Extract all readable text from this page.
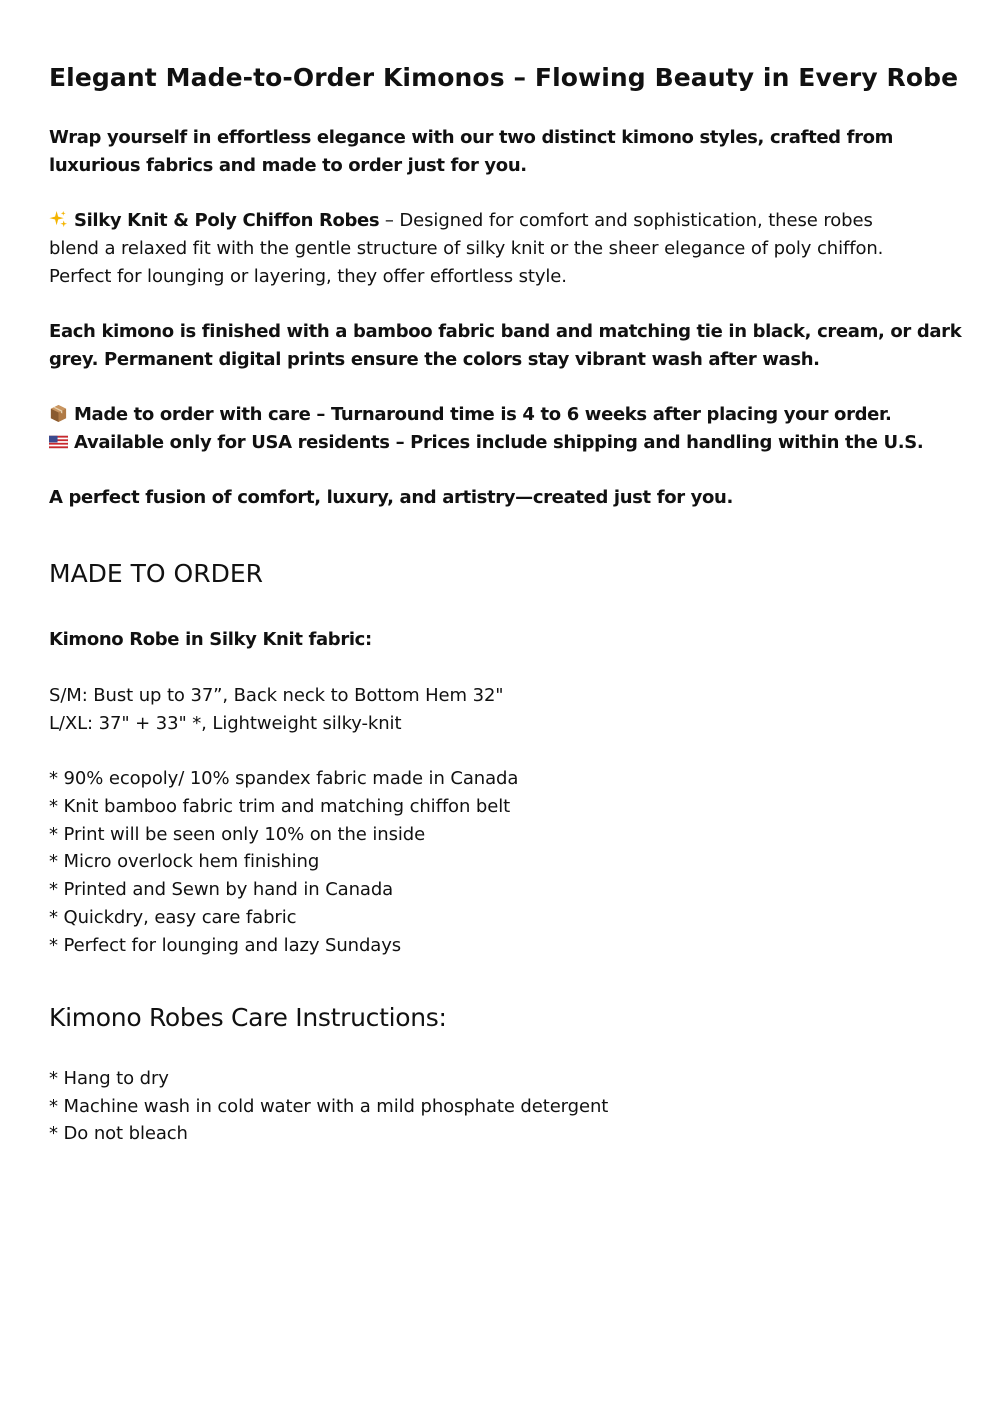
Elegant Made-to-Order Kimonos – Flowing Beauty in Every Robe
Wrap yourself in effortless elegance with our two distinct kimono styles, crafted from
luxurious fabrics and made to order just for you.
Silky Knit & Poly Chiffon Robes – Designed for comfort and sophistication, these robes
blend a relaxed fit with the gentle structure of silky knit or the sheer elegance of poly chiffon.
Perfect for lounging or layering, they offer effortless style.
Each kimono is finished with a bamboo fabric band and matching tie in black, cream, or dark
grey. Permanent digital prints ensure the colors stay vibrant wash after wash.
Made to order with care – Turnaround time is 4 to 6 weeks after placing your order.
Available only for USA residents – Prices include shipping and handling within the U.S.
A perfect fusion of comfort, luxury, and artistry—created just for you.
MADE TO ORDER
Kimono Robe in Silky Knit fabric:
S/M: Bust up to 37”, Back neck to Bottom Hem 32"
L/XL: 37" + 33" *, Lightweight silky-knit
* 90% ecopoly/ 10% spandex fabric made in Canada
* Knit bamboo fabric trim and matching chiffon belt
* Print will be seen only 10% on the inside
* Micro overlock hem finishing
* Printed and Sewn by hand in Canada
* Quickdry, easy care fabric
* Perfect for lounging and lazy Sundays
Kimono Robes Care Instructions:
* Hang to dry
* Machine wash in cold water with a mild phosphate detergent
* Do not bleach
